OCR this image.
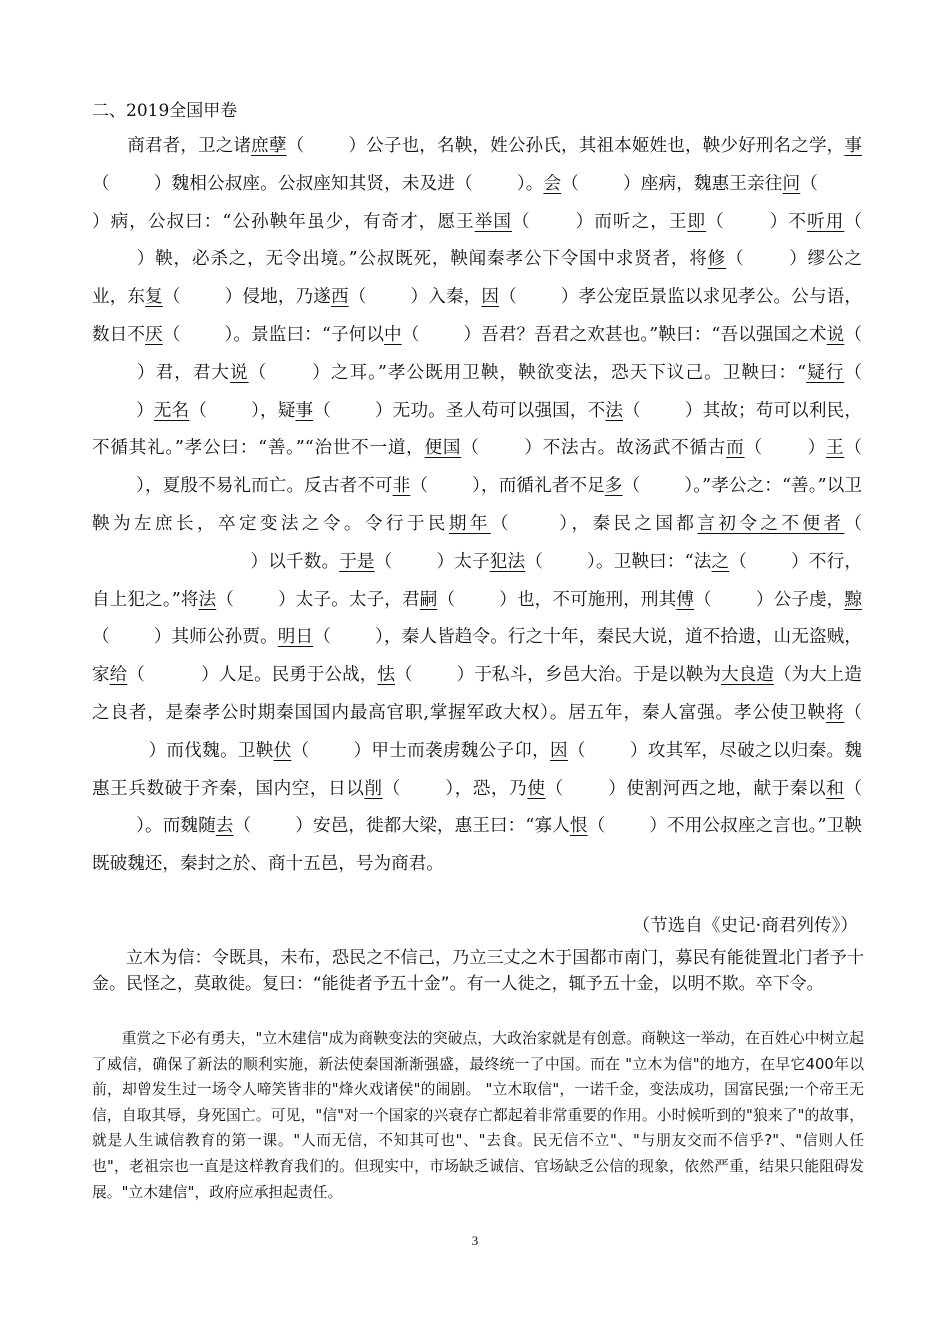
二、2019全国甲卷

商君者，卫之诸庶孽（	）公子也，名鞅，姓公孙氏，其祖本姬姓也，鞅少好刑名之学，事（	）魏相公叔座。公叔座知其贤，未及进（	）。会（	）座病，魏惠王亲往问（）病，公叔曰：“公孙鞅年虽少，有奇才，愿王举国（	）而听之，王即（	）不听用（）鞅，必杀之，无令出境。”公叔既死，鞅闻秦孝公下令国中求贤者，将修（	）缪公之业，东复（	）侵地，乃遂西（	）入秦，因（	）孝公宠臣景监以求见孝公。公与语，数日不厌（	）。景监曰：“子何以中（	）吾君？吾君之欢甚也。”鞅曰：“吾以强国之术说（）君，君大说（	）之耳。”孝公既用卫鞅，鞅欲变法，恐天下议己。卫鞅曰：“疑行（）无名（	），疑事（	）无功。圣人苟可以强国，不法（	）其故；苟可以利民，不循其礼。”孝公曰：“善。”“治世不一道，便国（	）不法古。故汤武不循古而（	）王（），夏殷不易礼而亡。反古者不可非（	），而循礼者不足多（	）。”孝公之：“善。”以卫鞅为左庶长，卒定变法之令。令行于民期年（	），秦民之国都言初令之不便者（）以千数。于是（	）太子犯法（	）。卫鞅曰：“法之（	）不行，自上犯之。”将法（	）太子。太子，君嗣（	）也，不可施刑，刑其傅（	）公子虔，黥（	）其师公孙贾。明日（	），秦人皆趋令。行之十年，秦民大说，道不拾遗，山无盗贼，家给（	）人足。民勇于公战，怯（	）于私斗，乡邑大治。于是以鞅为大良造（为大上造之良者，是秦孝公时期秦国国内最高官职,掌握军政大权）。居五年，秦人富强。孝公使卫鞅将（）而伐魏。卫鞅伏（	）甲士而袭虏魏公子卬，因（	）攻其军，尽破之以归秦。魏惠王兵数破于齐秦，国内空，日以削（	），恐，乃使（	）使割河西之地，献于秦以和（）。而魏随去（	）安邑，徙都大梁，惠王曰：“寡人恨（	）不用公叔座之言也。”卫鞅既破魏还，秦封之於、商十五邑，号为商君。

（节选自《史记·商君列传》）

立木为信：令既具，未布，恐民之不信己，乃立三丈之木于国都市南门，募民有能徙置北门者予十金。民怪之，莫敢徙。复曰：“能徙者予五十金”。有一人徙之，辄予五十金，以明不欺。卒下令。

重赏之下必有勇夫，"立木建信"成为商鞅变法的突破点，大政治家就是有创意。商鞅这一举动，在百姓心中树立起了威信，确保了新法的顺利实施，新法使秦国渐渐强盛，最终统一了中国。而在 "立木为信"的地方，在早它400年以前，却曾发生过一场令人啼笑皆非的"烽火戏诸侯"的闹剧。 "立木取信"，一诺千金，变法成功，国富民强;一个帝王无信，自取其辱，身死国亡。可见，"信"对一个国家的兴衰存亡都起着非常重要的作用。小时候听到的"狼来了"的故事，就是人生诚信教育的第一课。"人而无信，不知其可也"、"去食。民无信不立"、"与朋友交而不信乎?"、"信则人任也"，老祖宗也一直是这样教育我们的。但现实中，市场缺乏诚信、官场缺乏公信的现象，依然严重，结果只能阻碍发展。"立木建信"，政府应承担起责任。

3
